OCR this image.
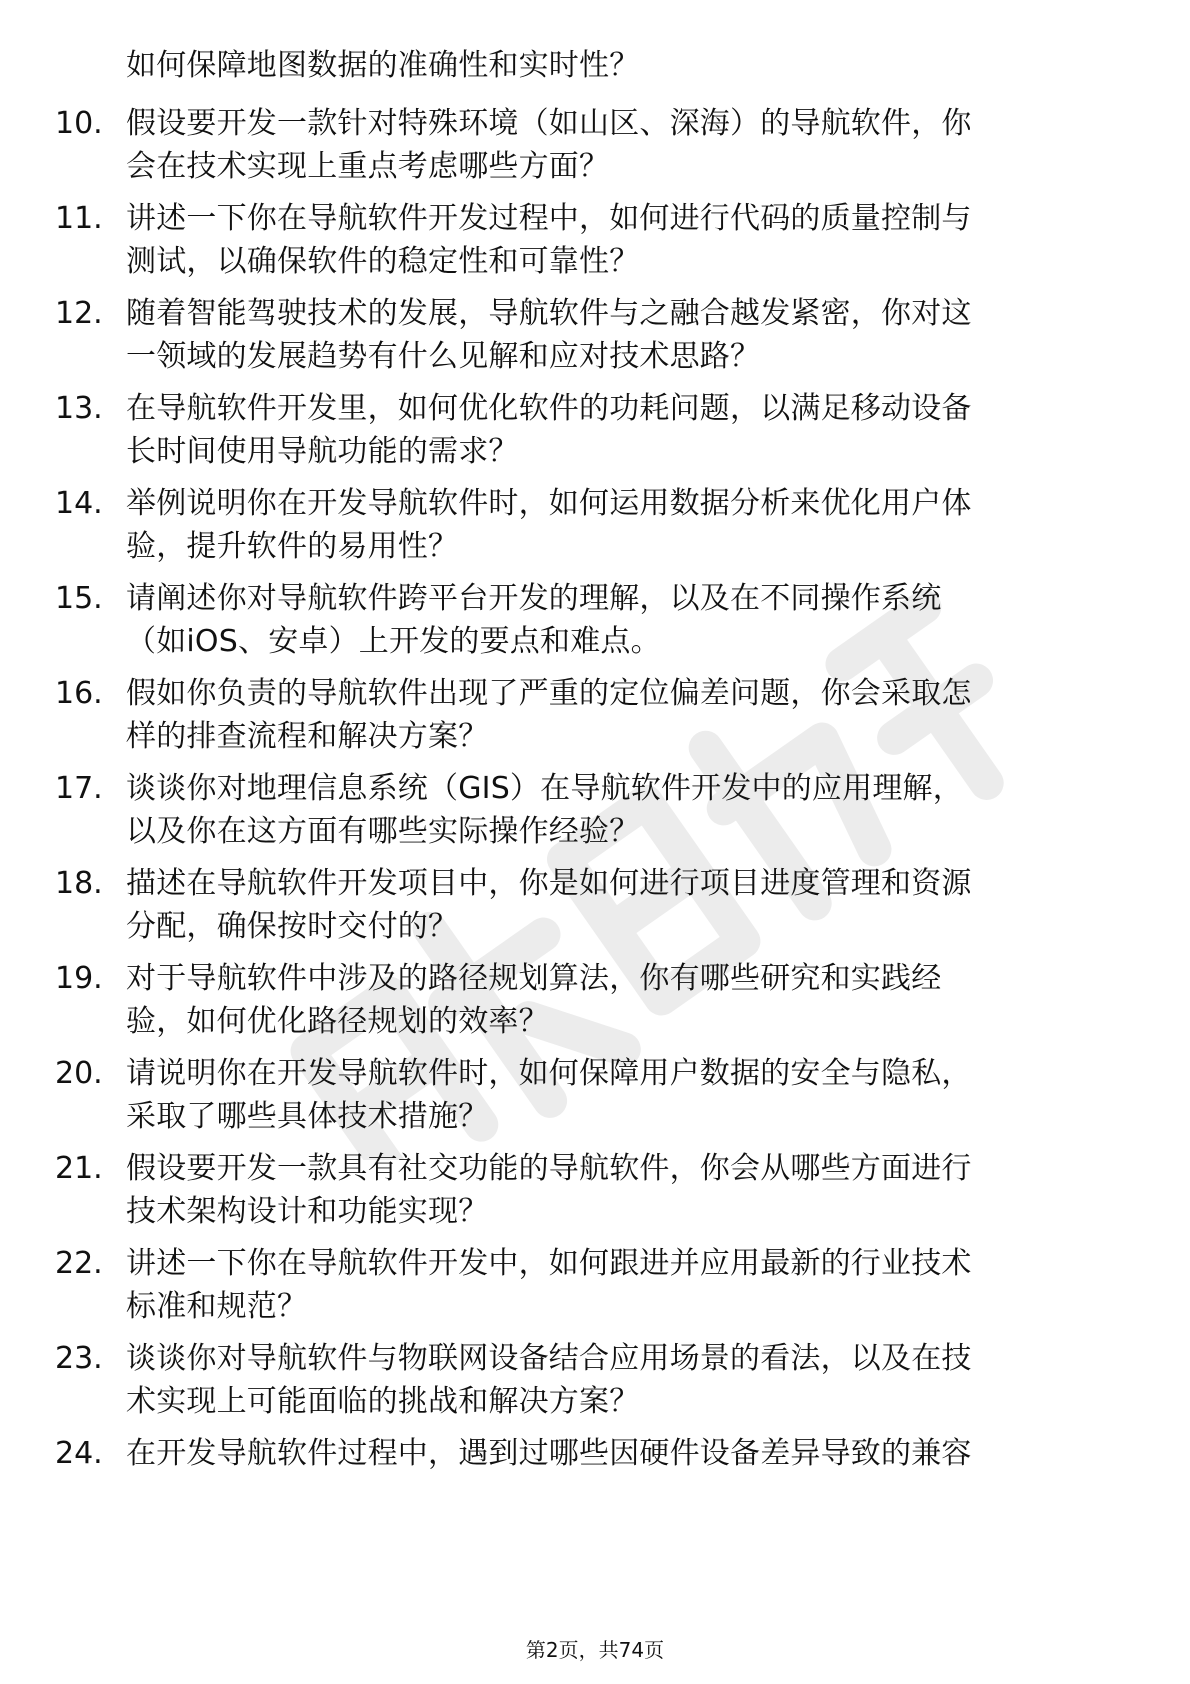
如何保障地图数据的准确性和实时性？
10. 假设要开发一款针对特殊环境（如山区、深海）的导航软件，你
会在技术实现上重点考虑哪些方面？
11. 讲述一下你在导航软件开发过程中，如何进行代码的质量控制与
测试，以确保软件的稳定性和可靠性？
12. 随着智能驾驶技术的发展，导航软件与之融合越发紧密，你对这
一领域的发展趋势有什么见解和应对技术思路？
13. 在导航软件开发里，如何优化软件的功耗问题，以满足移动设备
长时间使用导航功能的需求？
14. 举例说明你在开发导航软件时，如何运用数据分析来优化用户体
验，提升软件的易用性？
15. 请阐述你对导航软件跨平台开发的理解，以及在不同操作系统
（如iOS、安卓）上开发的要点和难点。
16. 假如你负责的导航软件出现了严重的定位偏差问题，你会采取怎
样的排查流程和解决方案？
17. 谈谈你对地理信息系统（GIS）在导航软件开发中的应用理解，
以及你在这方面有哪些实际操作经验？
18. 描述在导航软件开发项目中，你是如何进行项目进度管理和资源
分配，确保按时交付的？
19. 对于导航软件中涉及的路径规划算法，你有哪些研究和实践经
验，如何优化路径规划的效率？
20. 请说明你在开发导航软件时，如何保障用户数据的安全与隐私，
采取了哪些具体技术措施？
21. 假设要开发一款具有社交功能的导航软件，你会从哪些方面进行
技术架构设计和功能实现？
22. 讲述一下你在导航软件开发中，如何跟进并应用最新的行业技术
标准和规范？
23. 谈谈你对导航软件与物联网设备结合应用场景的看法，以及在技
术实现上可能面临的挑战和解决方案？
24. 在开发导航软件过程中，遇到过哪些因硬件设备差异导致的兼容
第2页，共74页
